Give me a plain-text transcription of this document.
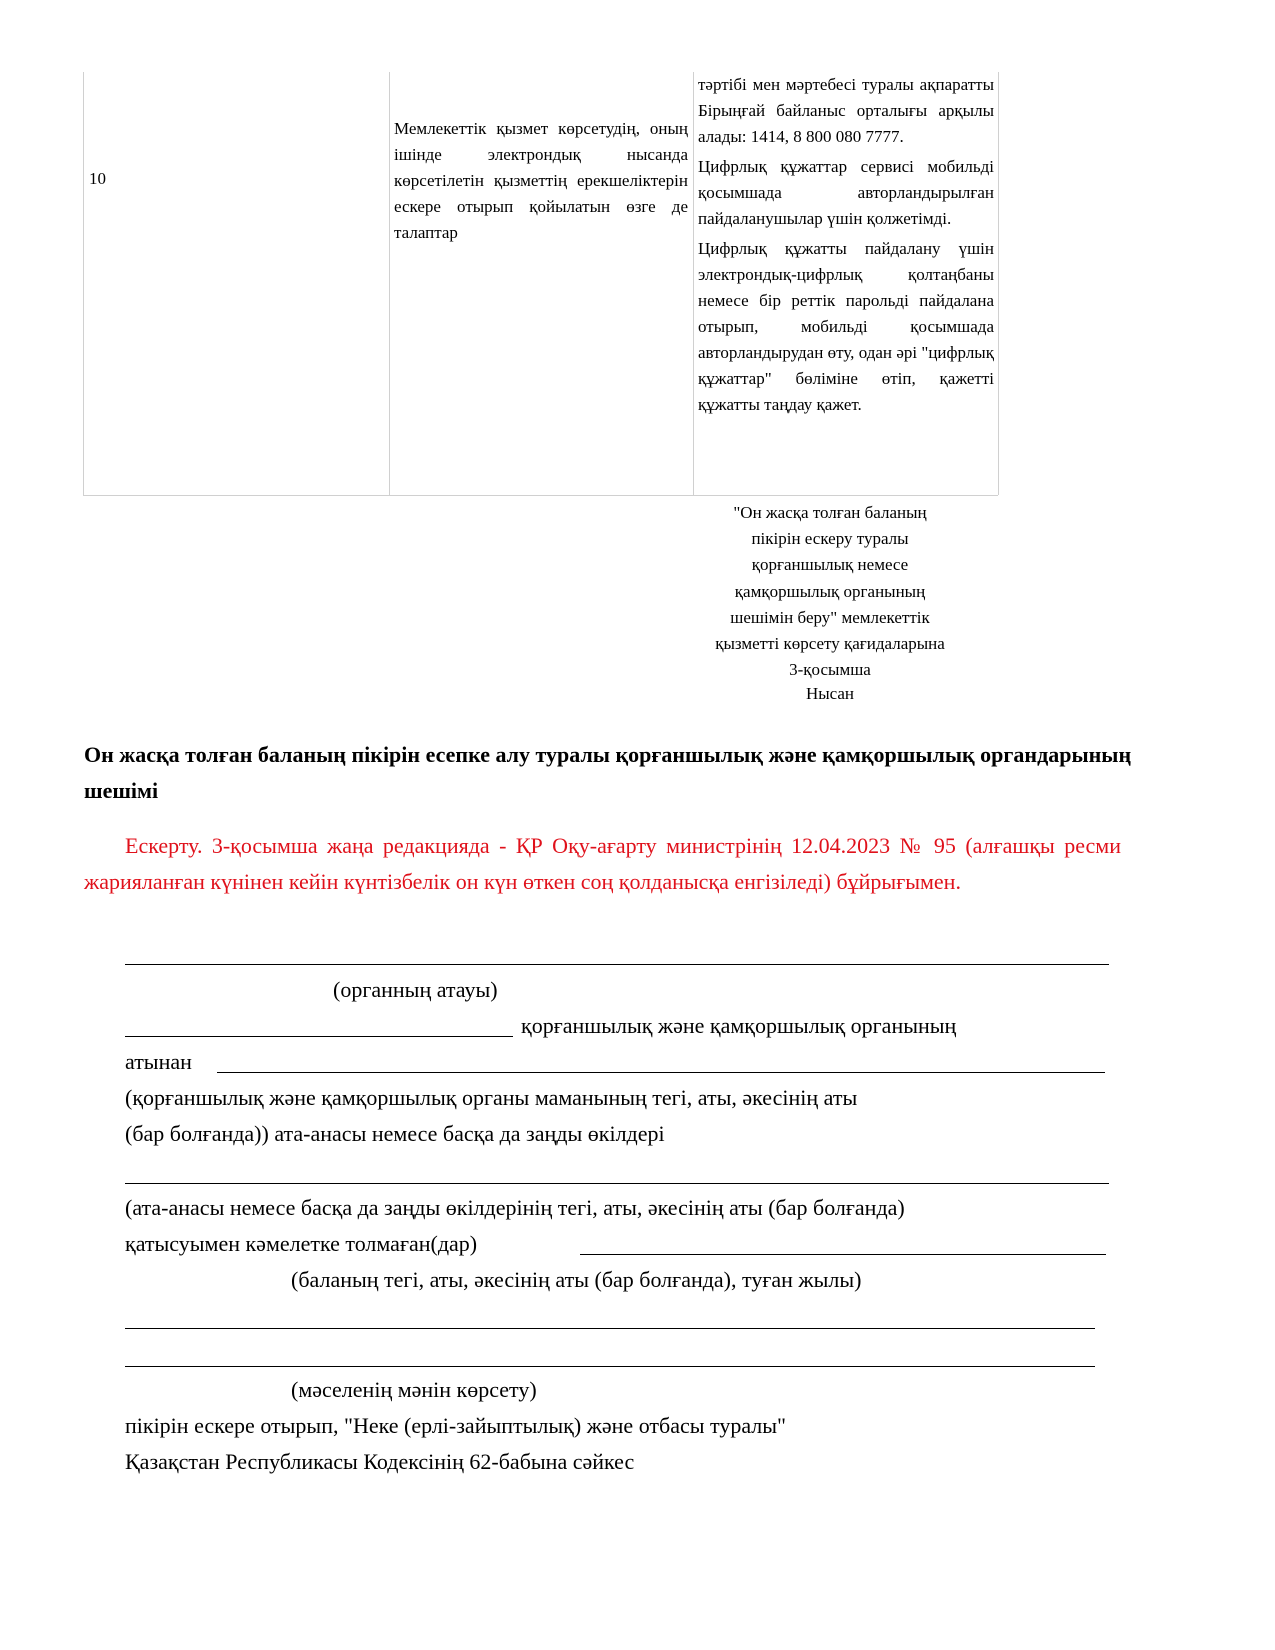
10
Мемлекеттік қызмет көрсетудің, оның ішінде электрондық нысанда көрсетілетін қызметтің ерекшеліктерін ескере отырып қойылатын өзге де талаптар

тәртібі мен мәртебесі туралы ақпаратты Бірыңғай байланыс орталығы арқылы алады: 1414, 8 800 080 7777.

Цифрлық құжаттар сервисі мобильді қосымшада авторландырылған пайдаланушылар үшін қолжетімді.

Цифрлық құжатты пайдалану үшін электрондық-цифрлық қолтаңбаны немесе бір реттік парольді пайдалана отырып, мобильді қосымшада авторландырудан өту, одан әрі "цифрлық құжаттар" бөліміне өтіп, қажетті құжатты таңдау қажет.

"Он жасқа толған баланың
пікірін ескеру туралы
қорғаншылық немесе
қамқоршылық органының
шешімін беру" мемлекеттік
қызметті көрсету қағидаларына
3-қосымша
Нысан
Он жасқа толған баланың пікірін есепке алу туралы қорғаншылық және қамқоршылық органдарының шешімі
Ескерту. 3-қосымша жаңа редакцияда - ҚР Оқу-ағарту министрінің 12.04.2023 № 95 (алғашқы ресми жарияланған күнінен кейін күнтізбелік он күн өткен соң қолданысқа енгізіледі) бұйрығымен.
(органның атауы)
қорғаншылық және қамқоршылық органының
атынан
(қорғаншылық және қамқоршылық органы маманының тегі, аты, әкесінің аты
(бар болғанда)) ата-анасы немесе басқа да заңды өкілдері
(ата-анасы немесе басқа да заңды өкілдерінің тегі, аты, әкесінің аты (бар болғанда)
қатысуымен кәмелетке толмаған(дар)
(баланың тегі, аты, әкесінің аты (бар болғанда), туған жылы)
(мәселенің мәнін көрсету)
пікірін ескере отырып, "Неке (ерлі-зайыптылық) және отбасы туралы"
Қазақстан Республикасы Кодексінің 62-бабына сәйкес
